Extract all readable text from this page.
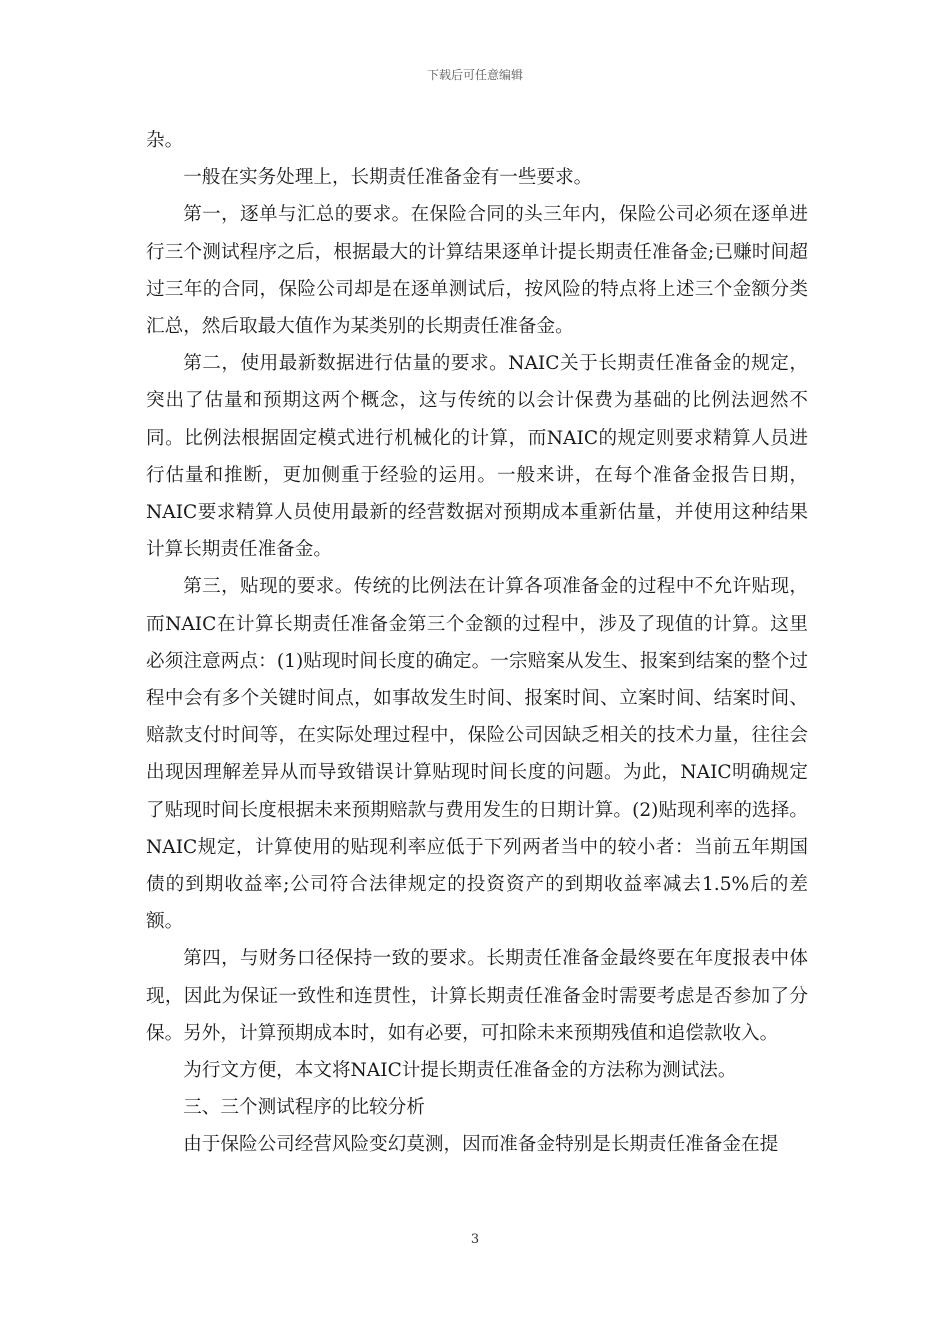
下载后可任意编辑

杂。

一般在实务处理上，长期责任准备金有一些要求。

第一，逐单与汇总的要求。在保险合同的头三年内，保险公司必须在逐单进行三个测试程序之后，根据最大的计算结果逐单计提长期责任准备金;已赚时间超过三年的合同，保险公司却是在逐单测试后，按风险的特点将上述三个金额分类汇总，然后取最大值作为某类别的长期责任准备金。

第二，使用最新数据进行估量的要求。NAIC关于长期责任准备金的规定，突出了估量和预期这两个概念，这与传统的以会计保费为基础的比例法迥然不同。比例法根据固定模式进行机械化的计算，而NAIC的规定则要求精算人员进行估量和推断，更加侧重于经验的运用。一般来讲，在每个准备金报告日期，NAIC要求精算人员使用最新的经营数据对预期成本重新估量，并使用这种结果计算长期责任准备金。

第三，贴现的要求。传统的比例法在计算各项准备金的过程中不允许贴现，而NAIC在计算长期责任准备金第三个金额的过程中，涉及了现值的计算。这里必须注意两点：(1)贴现时间长度的确定。一宗赔案从发生、报案到结案的整个过程中会有多个关键时间点，如事故发生时间、报案时间、立案时间、结案时间、赔款支付时间等，在实际处理过程中，保险公司因缺乏相关的技术力量，往往会出现因理解差异从而导致错误计算贴现时间长度的问题。为此，NAIC明确规定了贴现时间长度根据未来预期赔款与费用发生的日期计算。(2)贴现利率的选择。NAIC规定，计算使用的贴现利率应低于下列两者当中的较小者：当前五年期国债的到期收益率;公司符合法律规定的投资资产的到期收益率减去1.5%后的差额。

第四，与财务口径保持一致的要求。长期责任准备金最终要在年度报表中体现，因此为保证一致性和连贯性，计算长期责任准备金时需要考虑是否参加了分保。另外，计算预期成本时，如有必要，可扣除未来预期残值和追偿款收入。

为行文方便，本文将NAIC计提长期责任准备金的方法称为测试法。

三、三个测试程序的比较分析

由于保险公司经营风险变幻莫测，因而准备金特别是长期责任准备金在提

3
